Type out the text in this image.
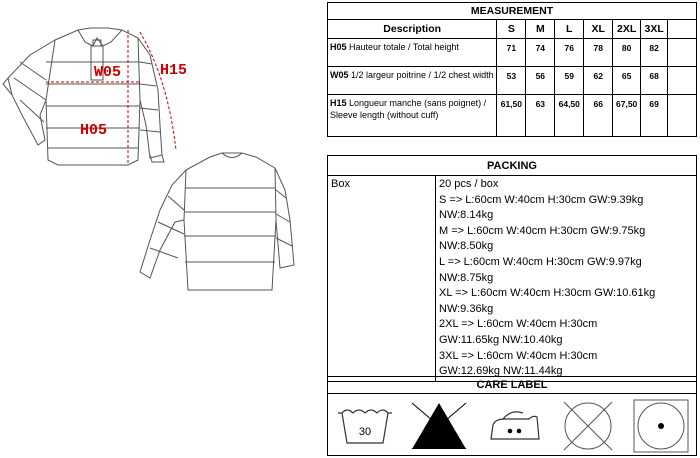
W05	H15
H05
MEASUREMENT							
Description	S	M	L	XL	2XL	3XL	
H05 Hauteur totale / Total height	71	74	76	78	80	82	
W05 1/2 largeur poitrine / 1/2 chest width	53	56	59	62	65	68	
H15 Longueur manche (sans poignet) / Sleeve length (without cuff)	61,50	63	64,50	66	67,50	69	
PACKING
Box	20 pcs / box
S => L:60cm W:40cm H:30cm GW:9.39kg
NW:8.14kg
M => L:60cm W:40cm H:30cm GW:9.75kg
NW:8.50kg
L => L:60cm W:40cm H:30cm GW:9.97kg
NW:8.75kg
XL => L:60cm W:40cm H:30cm GW:10.61kg
NW:9.36kg
2XL => L:60cm W:40cm H:30cm
GW:11.65kg NW:10.40kg
3XL => L:60cm W:40cm H:30cm
GW:12.69kg NW:11.44kg
CARE LABEL
30
